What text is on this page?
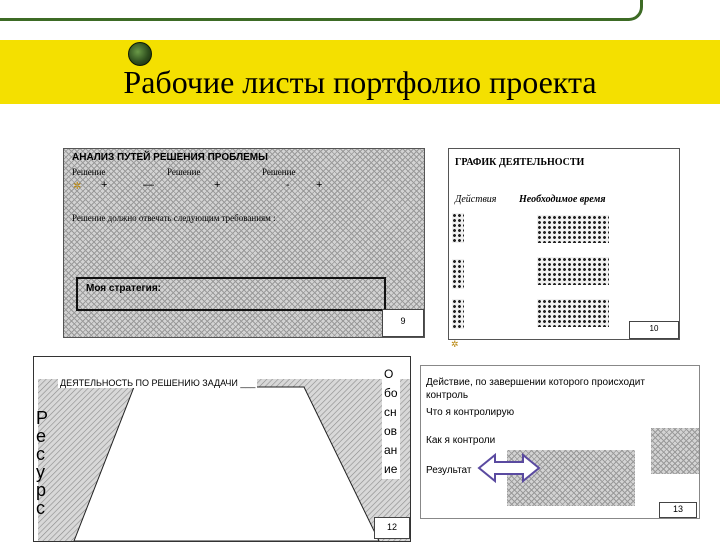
Рабочие листы портфолио проекта
АНАЛИЗ ПУТЕЙ РЕШЕНИЯ ПРОБЛЕМЫ
Решение	Решение	Решение
✲ +	—	+	- +
Решение должно отвечать следующим требованиям :
Моя стратегия:
9
ГРАФИК ДЕЯТЕЛЬНОСТИ
Действия Необходимое время
10
✲
ДЕЯТЕЛЬНОСТЬ ПО РЕШЕНИЮ ЗАДАЧИ ___
Р
е
с
у
р
с
О
бо
сн
ов
ан
ие
12
Действие, по завершении которого происходит контроль
Что я контролирую
Как я контроли
Результат
13
